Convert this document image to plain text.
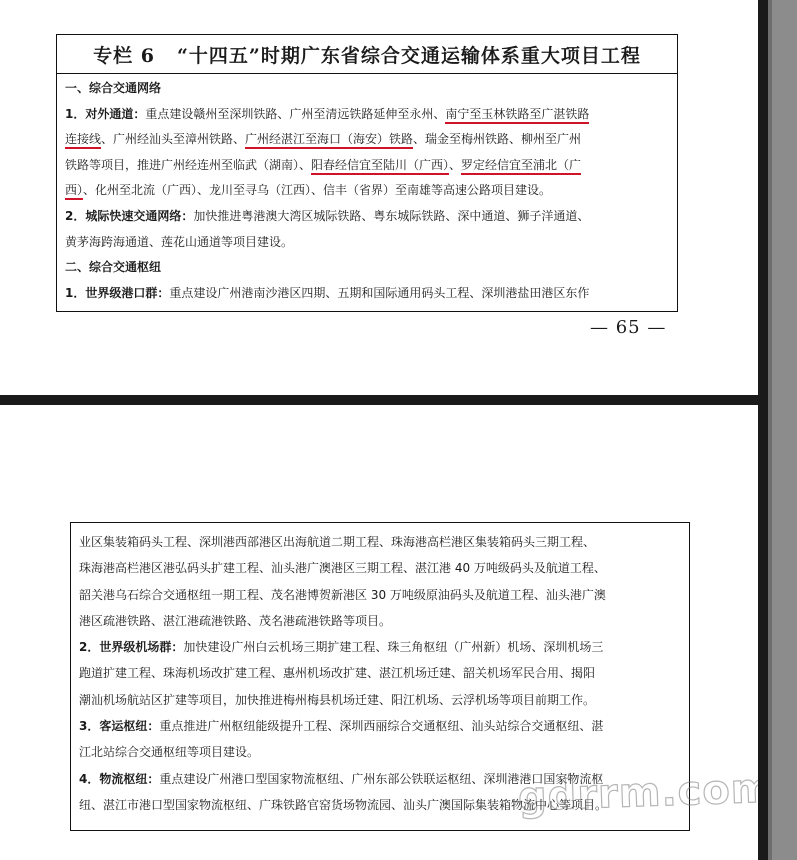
专栏 6 “十四五”时期广东省综合交通运输体系重大项目工程
一、综合交通网络
1．对外通道：重点建设赣州至深圳铁路、广州至清远铁路延伸至永州、南宁至玉林铁路至广湛铁路
连接线、广州经汕头至漳州铁路、广州经湛江至海口（海安）铁路、瑞金至梅州铁路、柳州至广州
铁路等项目，推进广州经连州至临武（湖南）、阳春经信宜至陆川（广西）、罗定经信宜至浦北（广
西）、化州至北流（广西）、龙川至寻乌（江西）、信丰（省界）至南雄等高速公路项目建设。
2．城际快速交通网络：加快推进粤港澳大湾区城际铁路、粤东城际铁路、深中通道、狮子洋通道、
黄茅海跨海通道、莲花山通道等项目建设。
二、综合交通枢纽
1．世界级港口群：重点建设广州港南沙港区四期、五期和国际通用码头工程、深圳港盐田港区东作
— 65 —
业区集装箱码头工程、深圳港西部港区出海航道二期工程、珠海港高栏港区集装箱码头三期工程、
珠海港高栏港区港弘码头扩建工程、汕头港广澳港区三期工程、湛江港 40 万吨级码头及航道工程、
韶关港乌石综合交通枢纽一期工程、茂名港博贺新港区 30 万吨级原油码头及航道工程、汕头港广澳
港区疏港铁路、湛江港疏港铁路、茂名港疏港铁路等项目。
2．世界级机场群：加快建设广州白云机场三期扩建工程、珠三角枢纽（广州新）机场、深圳机场三
跑道扩建工程、珠海机场改扩建工程、惠州机场改扩建、湛江机场迁建、韶关机场军民合用、揭阳
潮汕机场航站区扩建等项目，加快推进梅州梅县机场迁建、阳江机场、云浮机场等项目前期工作。
3．客运枢纽：重点推进广州枢纽能级提升工程、深圳西丽综合交通枢纽、汕头站综合交通枢纽、湛
江北站综合交通枢纽等项目建设。
4．物流枢纽：重点建设广州港口型国家物流枢纽、广州东部公铁联运枢纽、深圳港港口国家物流枢
纽、湛江市港口型国家物流枢纽、广珠铁路官窑货场物流园、汕头广澳国际集装箱物流中心等项目。
